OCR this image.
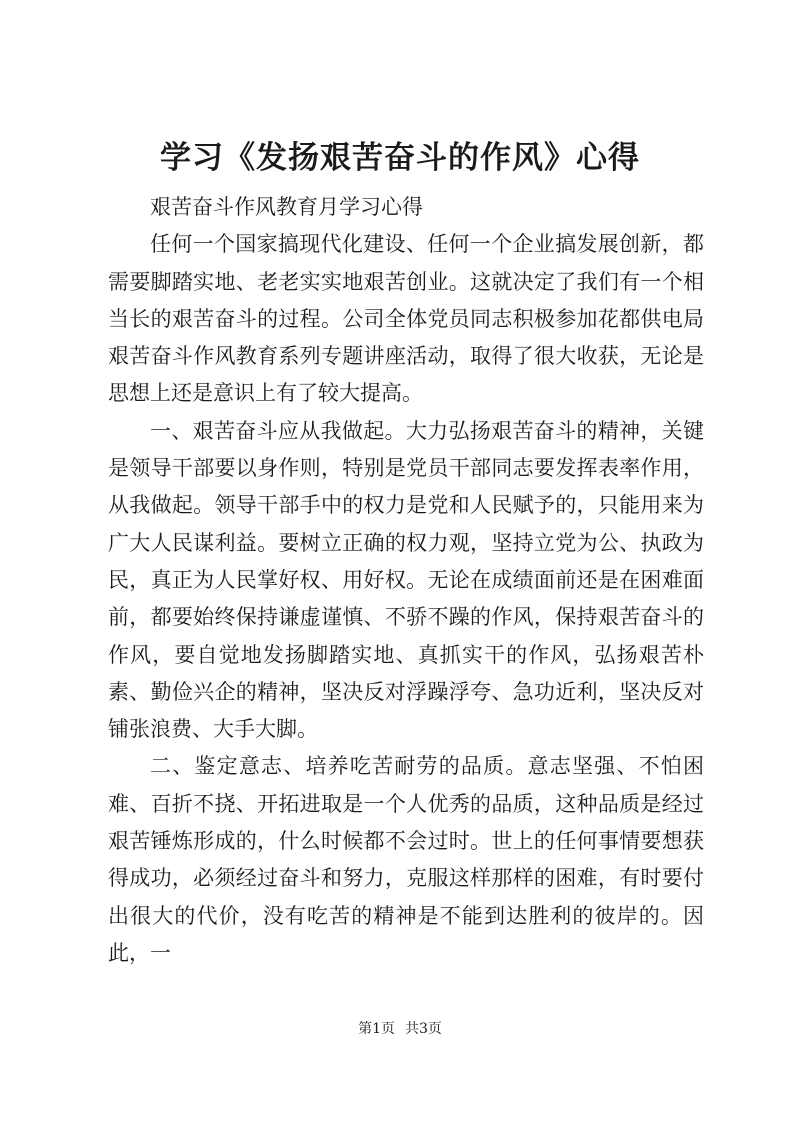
学习《发扬艰苦奋斗的作风》心得

艰苦奋斗作风教育月学习心得

任何一个国家搞现代化建设、任何一个企业搞发展创新，都需要脚踏实地、老老实实地艰苦创业。这就决定了我们有一个相当长的艰苦奋斗的过程。公司全体党员同志积极参加花都供电局艰苦奋斗作风教育系列专题讲座活动，取得了很大收获，无论是思想上还是意识上有了较大提高。

一、艰苦奋斗应从我做起。大力弘扬艰苦奋斗的精神，关键是领导干部要以身作则，特别是党员干部同志要发挥表率作用，从我做起。领导干部手中的权力是党和人民赋予的，只能用来为广大人民谋利益。要树立正确的权力观，坚持立党为公、执政为民，真正为人民掌好权、用好权。无论在成绩面前还是在困难面前，都要始终保持谦虚谨慎、不骄不躁的作风，保持艰苦奋斗的作风，要自觉地发扬脚踏实地、真抓实干的作风，弘扬艰苦朴素、勤俭兴企的精神，坚决反对浮躁浮夸、急功近利，坚决反对铺张浪费、大手大脚。

二、鉴定意志、培养吃苦耐劳的品质。意志坚强、不怕困难、百折不挠、开拓进取是一个人优秀的品质，这种品质是经过艰苦锤炼形成的，什么时候都不会过时。世上的任何事情要想获得成功，必须经过奋斗和努力，克服这样那样的困难，有时要付出很大的代价，没有吃苦的精神是不能到达胜利的彼岸的。因此，一

第1页 共3页
